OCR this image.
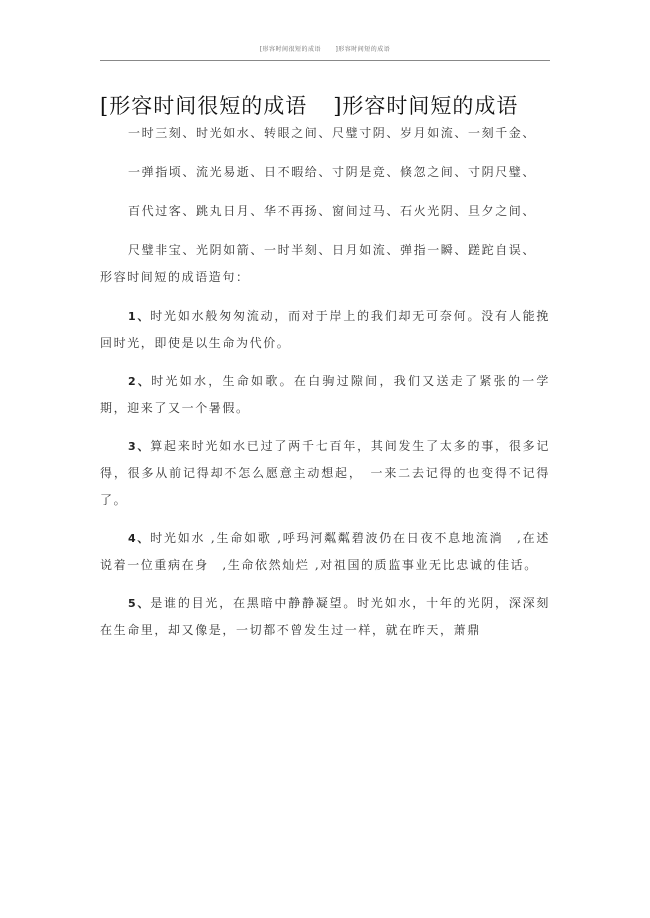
[形容时间很短的成语 ]形容时间短的成语
[形容时间很短的成语 ]形容时间短的成语

一时三刻、时光如水、转眼之间、尺璧寸阴、岁月如流、一刻千金、

一弹指顷、流光易逝、日不暇给、寸阴是竞、倏忽之间、寸阴尺璧、

百代过客、跳丸日月、华不再扬、窗间过马、石火光阴、旦夕之间、

尺璧非宝、光阴如箭、一时半刻、日月如流、弹指一瞬、蹉跎自误、　　 形容时间短的成语造句：

1、时光如水般匆匆流动，而对于岸上的我们却无可奈何。没有人能挽回时光，即使是以生命为代价。

2、时光如水，生命如歌。在白驹过隙间，我们又送走了紧张的一学期，迎来了又一个暑假。

3、算起来时光如水已过了两千七百年，其间发生了太多的事，很多记得，很多从前记得却不怎么愿意主动想起，　一来二去记得的也变得不记得了。

4、时光如水 ,生命如歌 ,呼玛河粼粼碧波仍在日夜不息地流淌　,在述说着一位重病在身　,生命依然灿烂 ,对祖国的质监事业无比忠诚的佳话。

5、是谁的目光，在黑暗中静静凝望。时光如水，十年的光阴，深深刻在生命里，却又像是，一切都不曾发生过一样，就在昨天，萧鼎
